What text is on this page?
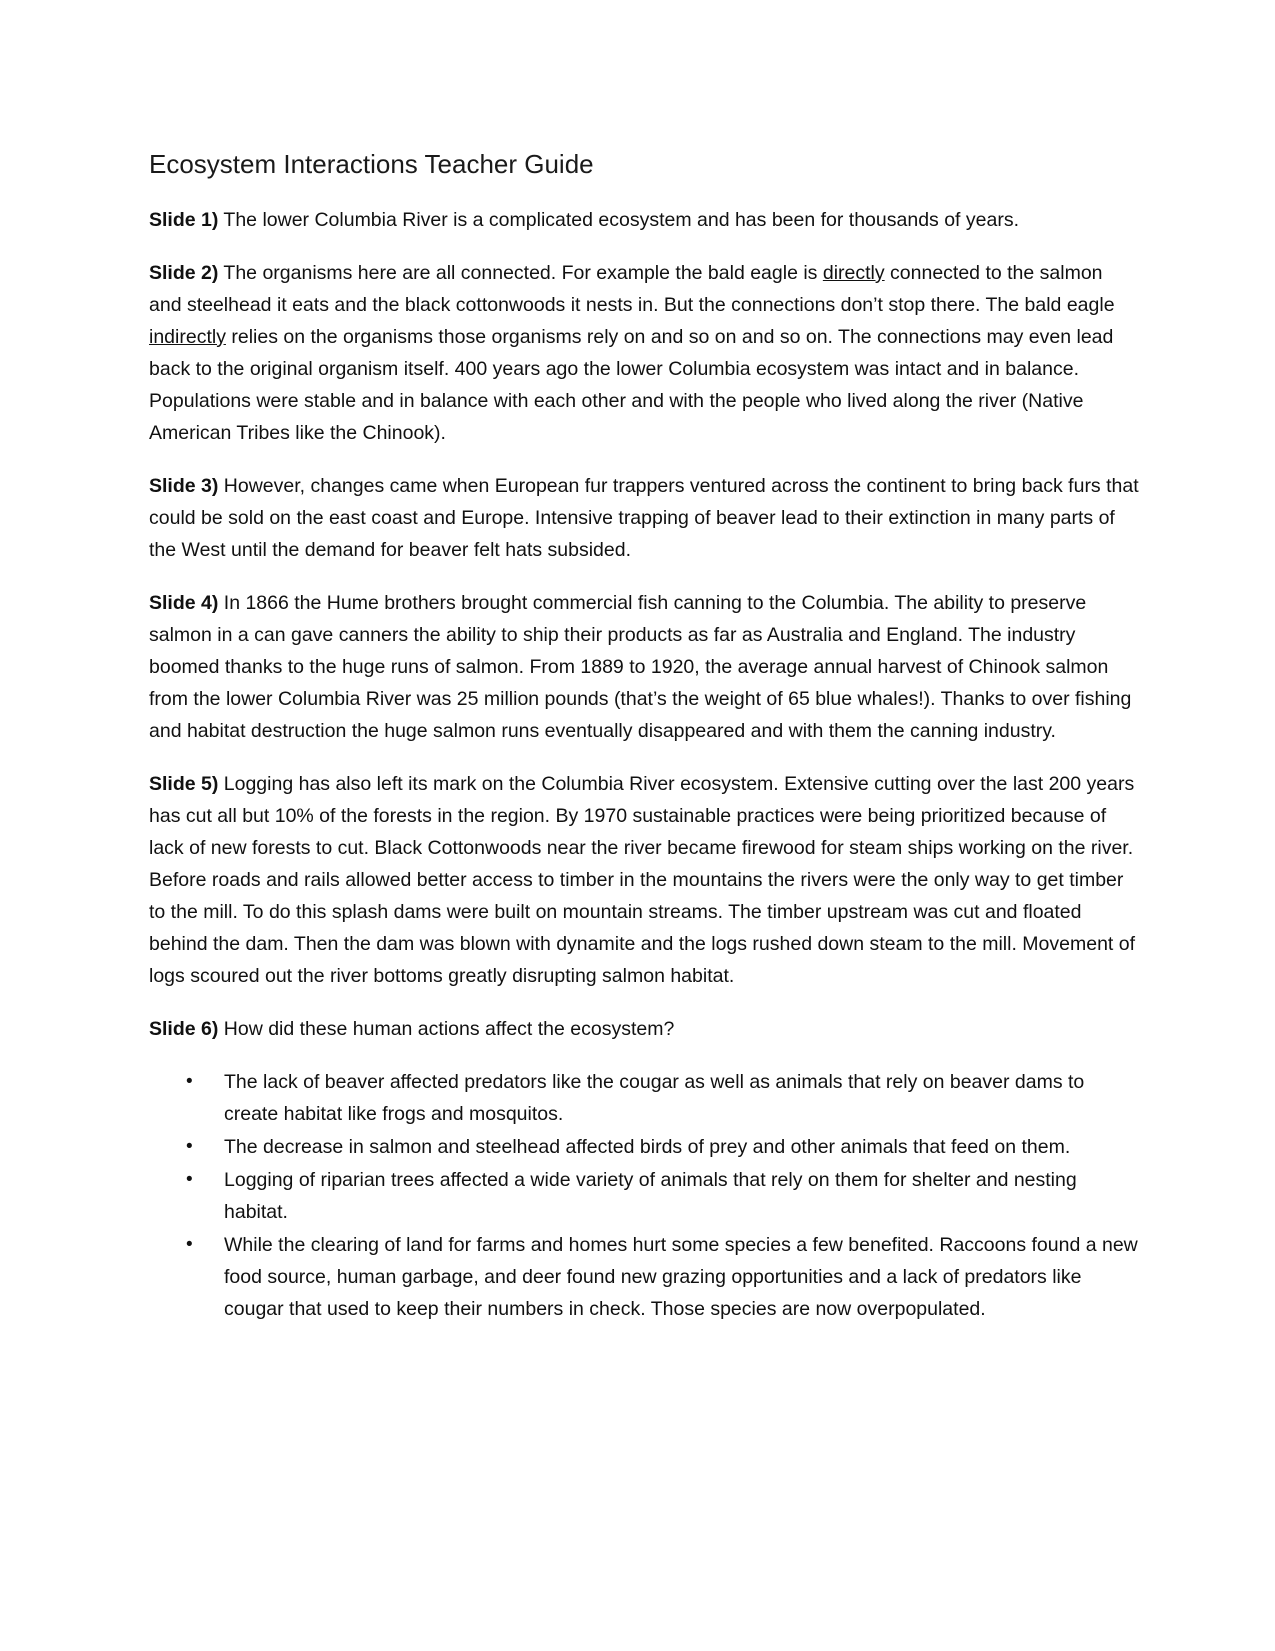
Ecosystem Interactions Teacher Guide

Slide 1) The lower Columbia River is a complicated ecosystem and has been for thousands of years.

Slide 2) The organisms here are all connected. For example the bald eagle is directly connected to the salmon and steelhead it eats and the black cottonwoods it nests in. But the connections don’t stop there. The bald eagle indirectly relies on the organisms those organisms rely on and so on and so on. The connections may even lead back to the original organism itself. 400 years ago the lower Columbia ecosystem was intact and in balance. Populations were stable and in balance with each other and with the people who lived along the river (Native American Tribes like the Chinook).

Slide 3) However, changes came when European fur trappers ventured across the continent to bring back furs that could be sold on the east coast and Europe. Intensive trapping of beaver lead to their extinction in many parts of the West until the demand for beaver felt hats subsided.

Slide 4) In 1866 the Hume brothers brought commercial fish canning to the Columbia. The ability to preserve salmon in a can gave canners the ability to ship their products as far as Australia and England. The industry boomed thanks to the huge runs of salmon. From 1889 to 1920, the average annual harvest of Chinook salmon from the lower Columbia River was 25 million pounds (that’s the weight of 65 blue whales!). Thanks to over fishing and habitat destruction the huge salmon runs eventually disappeared and with them the canning industry.

Slide 5) Logging has also left its mark on the Columbia River ecosystem. Extensive cutting over the last 200 years has cut all but 10% of the forests in the region. By 1970 sustainable practices were being prioritized because of lack of new forests to cut. Black Cottonwoods near the river became firewood for steam ships working on the river. Before roads and rails allowed better access to timber in the mountains the rivers were the only way to get timber to the mill. To do this splash dams were built on mountain streams. The timber upstream was cut and floated behind the dam. Then the dam was blown with dynamite and the logs rushed down steam to the mill. Movement of logs scoured out the river bottoms greatly disrupting salmon habitat.

Slide 6) How did these human actions affect the ecosystem?

• The lack of beaver affected predators like the cougar as well as animals that rely on beaver dams to create habitat like frogs and mosquitos.
• The decrease in salmon and steelhead affected birds of prey and other animals that feed on them.
• Logging of riparian trees affected a wide variety of animals that rely on them for shelter and nesting habitat.
• While the clearing of land for farms and homes hurt some species a few benefited. Raccoons found a new food source, human garbage, and deer found new grazing opportunities and a lack of predators like cougar that used to keep their numbers in check. Those species are now overpopulated.
